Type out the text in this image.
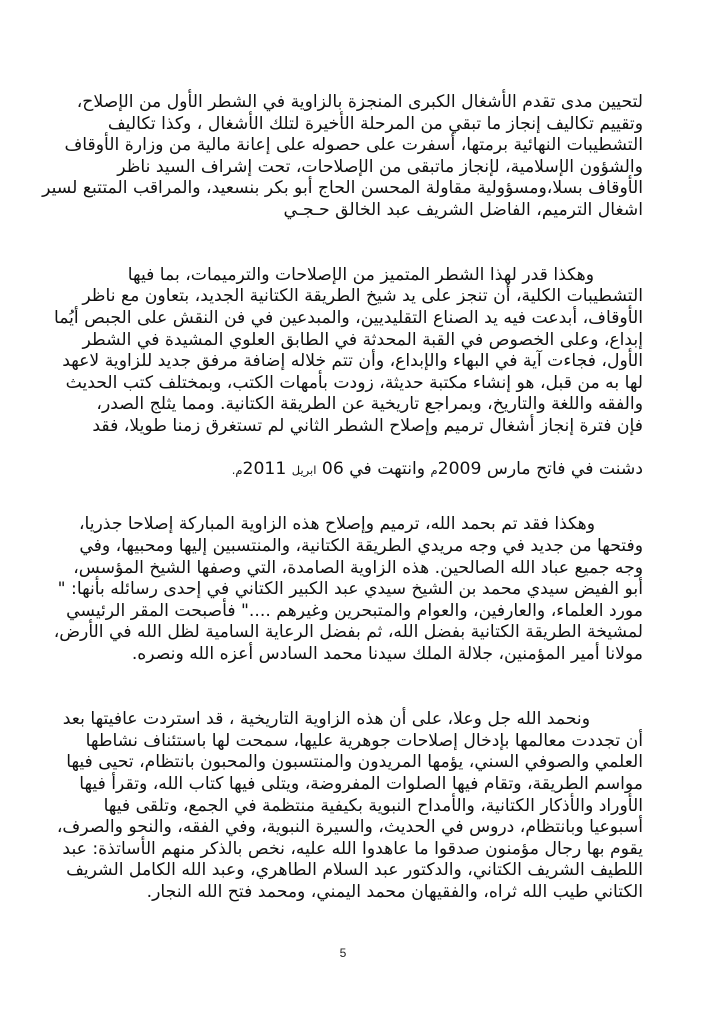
لتحيين مدى تقدم الأشغال الكبرى المنجزة بالزاوية في الشطر الأول من الإصلاح،
وتقييم تكاليف إنجاز ما تبقي من المرحلة الأخيرة لتلك الأشغال ، وكذا تكاليف
التشطيبات النهائية برمتها، أسفرت على حصوله على إعانة مالية من وزارة الأوقاف
والشؤون الإسلامية، لإنجاز ماتبقى من الإصلاحات، تحت إشراف السيد ناظر
الأوقاف بسلا،ومسؤولية مقاولة المحسن الحاج أبو بكر بنسعيد، والمراقب المتتبع لسير
اشغال الترميم، الفاضل الشريف عبد الخالق حـجـي
وهكذا قدر لهذا الشطر المتميز من الإصلاحات والترميمات، بما فيها
التشطيبات الكلية، أن تنجز على يد شيخ الطريقة الكتانية الجديد، بتعاون مع ناظر
الأوقاف، أبدعت فيه يد الصناع التقليديين، والمبدعين في فن النقش على الجبص أيُما
إبداع، وعلى الخصوص في القبة المحدثة في الطابق العلوي المشيدة في الشطر
الأول، فجاءت آية في البهاء والإبداع، وأن تتم خلاله إضافة مرفق جديد للزاوية لاعهد
لها به من قبل، هو إنشاء مكتبة حديثة، زودت بأمهات الكتب، وبمختلف كتب الحديث
والفقه واللغة والتاريخ، وبمراجع تاريخية عن الطريقة الكتانية. ومما يثلج الصدر،
فإن فترة إنجاز أشغال ترميم وإصلاح الشطر الثاني لم تستغرق زمنا طويلا، فقد
دشنت في فاتح مارس 2009م وانتهت في 06 ابريل 2011م.
وهكذا فقد تم بحمد الله، ترميم وإصلاح هذه الزاوية المباركة إصلاحا جذريا،
وفتحها من جديد في وجه مريدي الطريقة الكتانية، والمنتسبين إليها ومحبيها، وفي
وجه جميع عباد الله الصالحين. هذه الزاوية الصامدة، التي وصفها الشيخ المؤسس،
أبو الفيض سيدي محمد بن الشيخ سيدي عبد الكبير الكتاني في إحدى رسائله بأنها: "
مورد العلماء، والعارفين، والعوام والمتبحرين وغيرهم ...." فأصبحت المقر الرئيسي
لمشيخة الطريقة الكتانية بفضل الله، ثم بفضل الرعاية السامية لظل الله في الأرض،
مولانا أمير المؤمنين، جلالة الملك سيدنا محمد السادس أعزه الله ونصره.
ونحمد الله جل وعلا، على أن هذه الزاوية التاريخية ، قد استردت عافيتها بعد
أن تجددت معالمها بإدخال إصلاحات جوهرية عليها، سمحت لها باستئناف نشاطها
العلمي والصوفي السني، يؤمها المريدون والمنتسبون والمحبون بانتظام، تحيى فيها
مواسم الطريقة، وتقام فيها الصلوات المفروضة، ويتلى فيها كتاب الله، وتقرأ فيها
الأوراد والأذكار الكتانية، والأمداح النبوية بكيفية منتظمة في الجمع، وتلقى فيها
أسبوعيا وبانتظام، دروس في الحديث، والسيرة النبوية، وفي الفقه، والنحو والصرف،
يقوم بها رجال مؤمنون صدقوا ما عاهدوا الله عليه، نخص بالذكر منهم الأساتذة: عبد
اللطيف الشريف الكتاني، والدكتور عبد السلام الطاهري، وعبد الله الكامل الشريف
الكتاني طيب الله ثراه، والفقيهان محمد اليمني، ومحمد فتح الله النجار.
5
